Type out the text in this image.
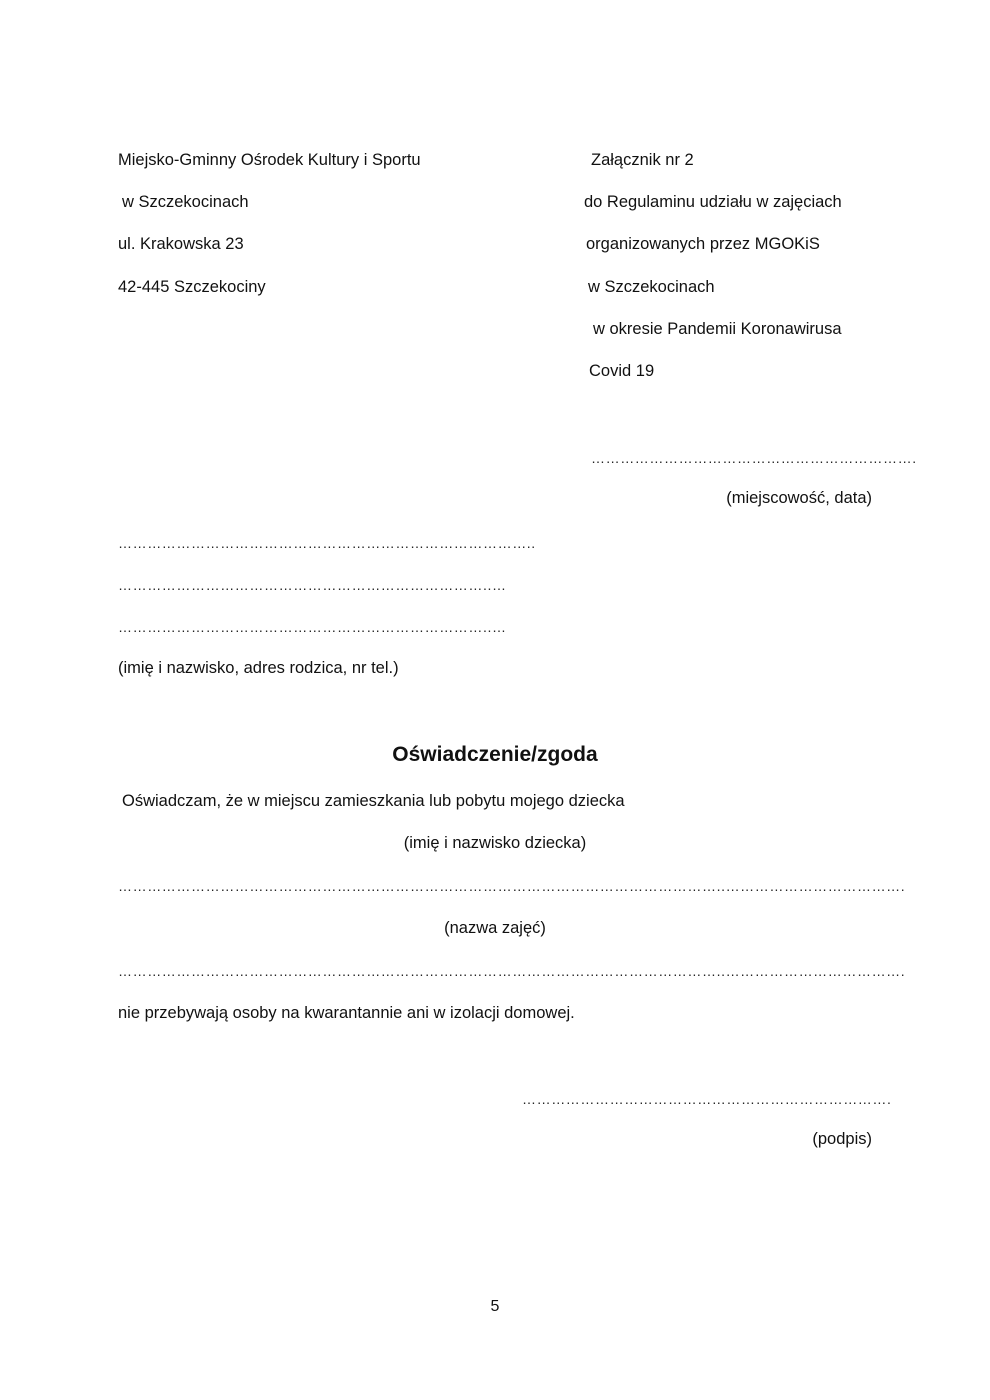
Miejsko-Gminny Ośrodek Kultury i Sportu
w Szczekocinach
ul. Krakowska 23
42-445 Szczekociny
Załącznik nr 2
do Regulaminu udziału w zajęciach
organizowanych przez MGOKiS
w Szczekocinach
w okresie Pandemii Koronawirusa
Covid 19
………………………………………………………….
(miejscowość, data)
…………………………………………………………………………..
…………………………………………………………………..…
…………………………………………………………………..…
(imię i nazwisko, adres rodzica, nr tel.)
Oświadczenie/zgoda
Oświadczam, że w miejscu zamieszkania lub pobytu mojego dziecka
(imię i nazwisko dziecka)
……………………………………………………………………………………………………………..……………………………….
(nazwa zajęć)
……………………………………………………………………………………………………………..……………………………….
nie przebywają osoby na kwarantannie ani w izolacji domowej.
………………………………………………………………….
(podpis)
5
